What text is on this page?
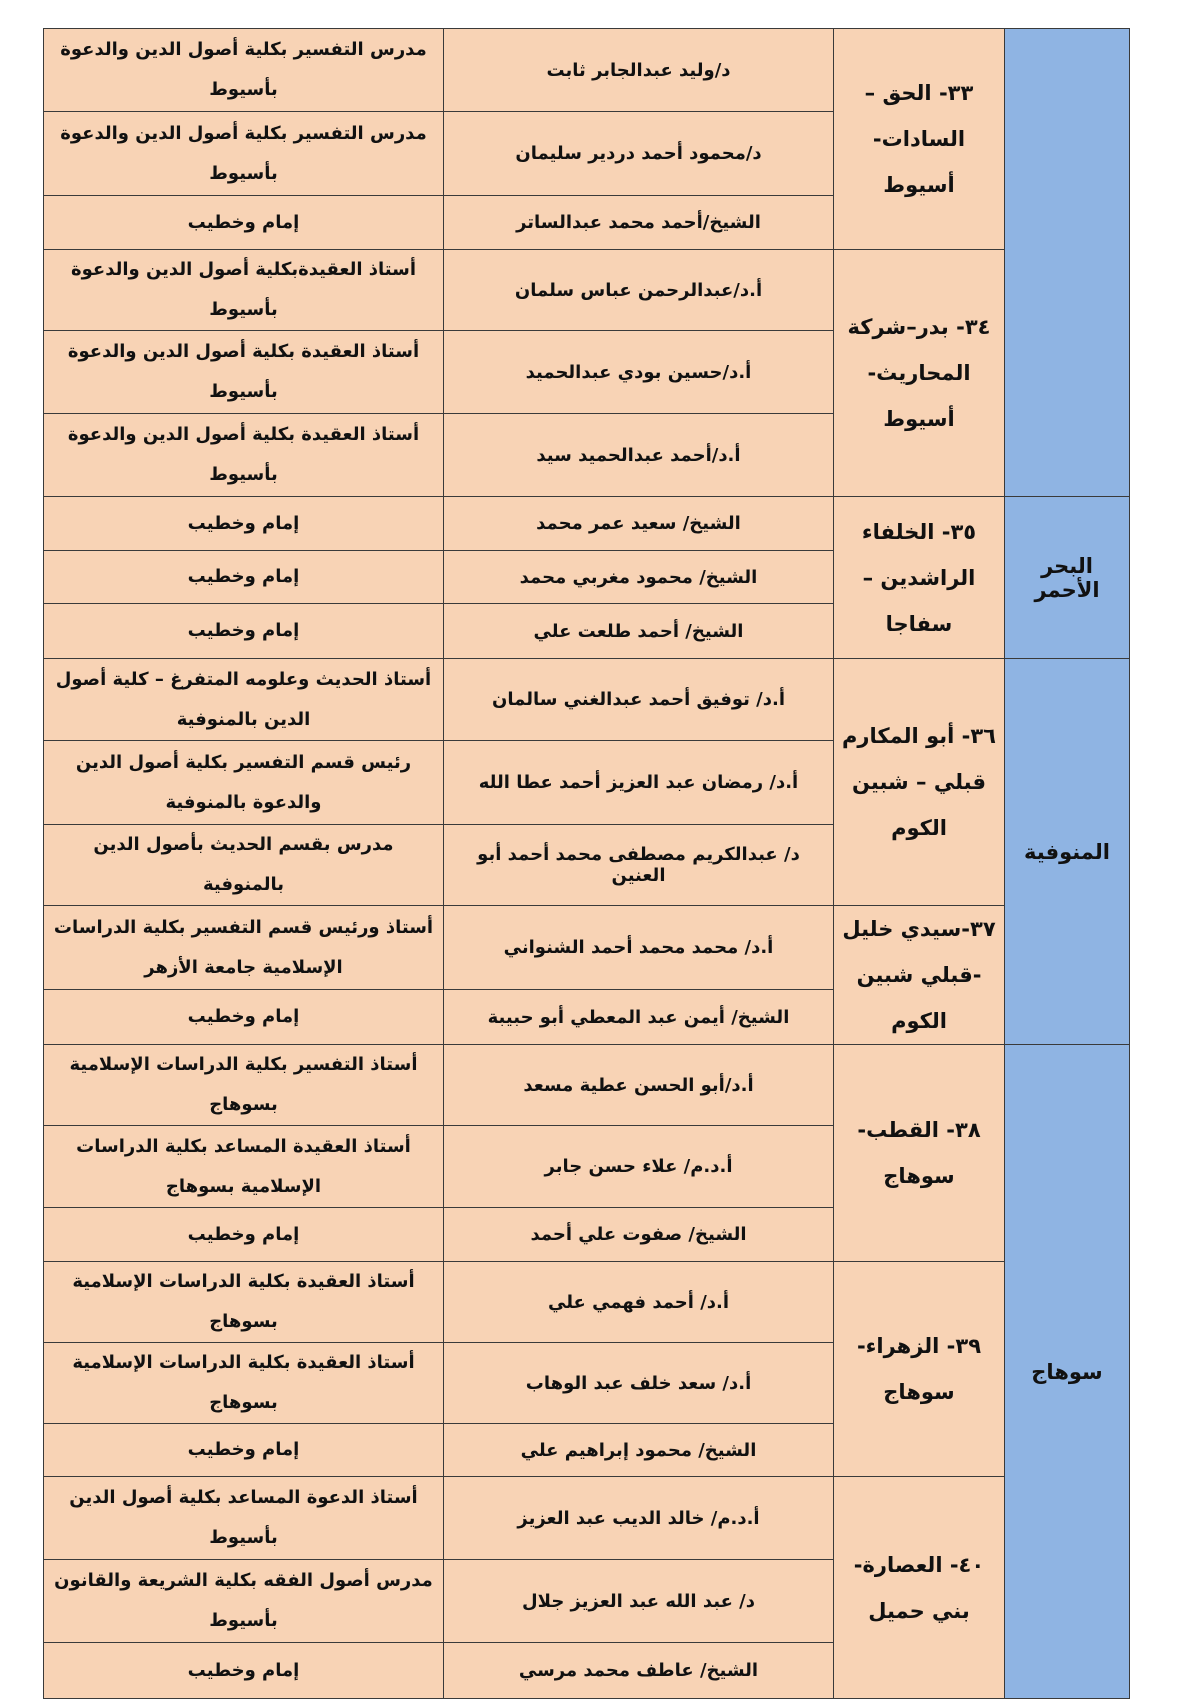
مدرس التفسير بكلية أصول الدين والدعوة بأسيوط	د/وليد عبدالجابر ثابت	٣٣- الحق – السادات- أسيوط	
مدرس التفسير بكلية أصول الدين والدعوة بأسيوط	د/محمود أحمد دردير سليمان		
إمام وخطيب	الشيخ/أحمد محمد عبدالساتر		
أستاذ العقيدةبكلية أصول الدين والدعوة بأسيوط	أ.د/عبدالرحمن عباس سلمان	٣٤- بدر–شركة المحاريث- أسيوط	
أستاذ العقيدة بكلية أصول الدين والدعوة بأسيوط	أ.د/حسين بودي عبدالحميد		
أستاذ العقيدة بكلية أصول الدين والدعوة بأسيوط	أ.د/أحمد عبدالحميد سيد		
إمام وخطيب	الشيخ/ سعيد عمر محمد	٣٥- الخلفاء الراشدين – سفاجا	البحر الأحمر
إمام وخطيب	الشيخ/ محمود مغربي محمد		
إمام وخطيب	الشيخ/ أحمد طلعت علي		
أستاذ الحديث وعلومه المتفرغ – كلية أصول الدين بالمنوفية	أ.د/ توفيق أحمد عبدالغني سالمان	٣٦- أبو المكارم قبلي – شبين الكوم	المنوفية
رئيس قسم التفسير بكلية أصول الدين والدعوة بالمنوفية	أ.د/ رمضان عبد العزيز أحمد عطا الله		
مدرس بقسم الحديث بأصول الدين بالمنوفية	د/ عبدالكريم مصطفى محمد أحمد أبو العنين		
أستاذ ورئيس قسم التفسير بكلية الدراسات الإسلامية جامعة الأزهر	أ.د/ محمد محمد أحمد الشنواني	٣٧-سيدي خليل -قبلي شبين الكوم	
إمام وخطيب	الشيخ/ أيمن عبد المعطي أبو حبيبة		
أستاذ التفسير بكلية الدراسات الإسلامية بسوهاج	أ.د/أبو الحسن عطية مسعد	٣٨- القطب- سوهاج	سوهاج
أستاذ العقيدة المساعد بكلية الدراسات الإسلامية بسوهاج	أ.د.م/ علاء حسن جابر		
إمام وخطيب	الشيخ/ صفوت علي أحمد		
أستاذ العقيدة بكلية الدراسات الإسلامية بسوهاج	أ.د/ أحمد فهمي علي	٣٩- الزهراء- سوهاج	
أستاذ العقيدة بكلية الدراسات الإسلامية بسوهاج	أ.د/ سعد خلف عبد الوهاب		
إمام وخطيب	الشيخ/ محمود إبراهيم علي		
أستاذ الدعوة المساعد بكلية أصول الدين بأسيوط	أ.د.م/ خالد الديب عبد العزيز	٤٠- العصارة- بني حميل	
مدرس أصول الفقه بكلية الشريعة والقانون بأسيوط	د/ عبد الله عبد العزيز جلال		
إمام وخطيب	الشيخ/ عاطف محمد مرسي		
